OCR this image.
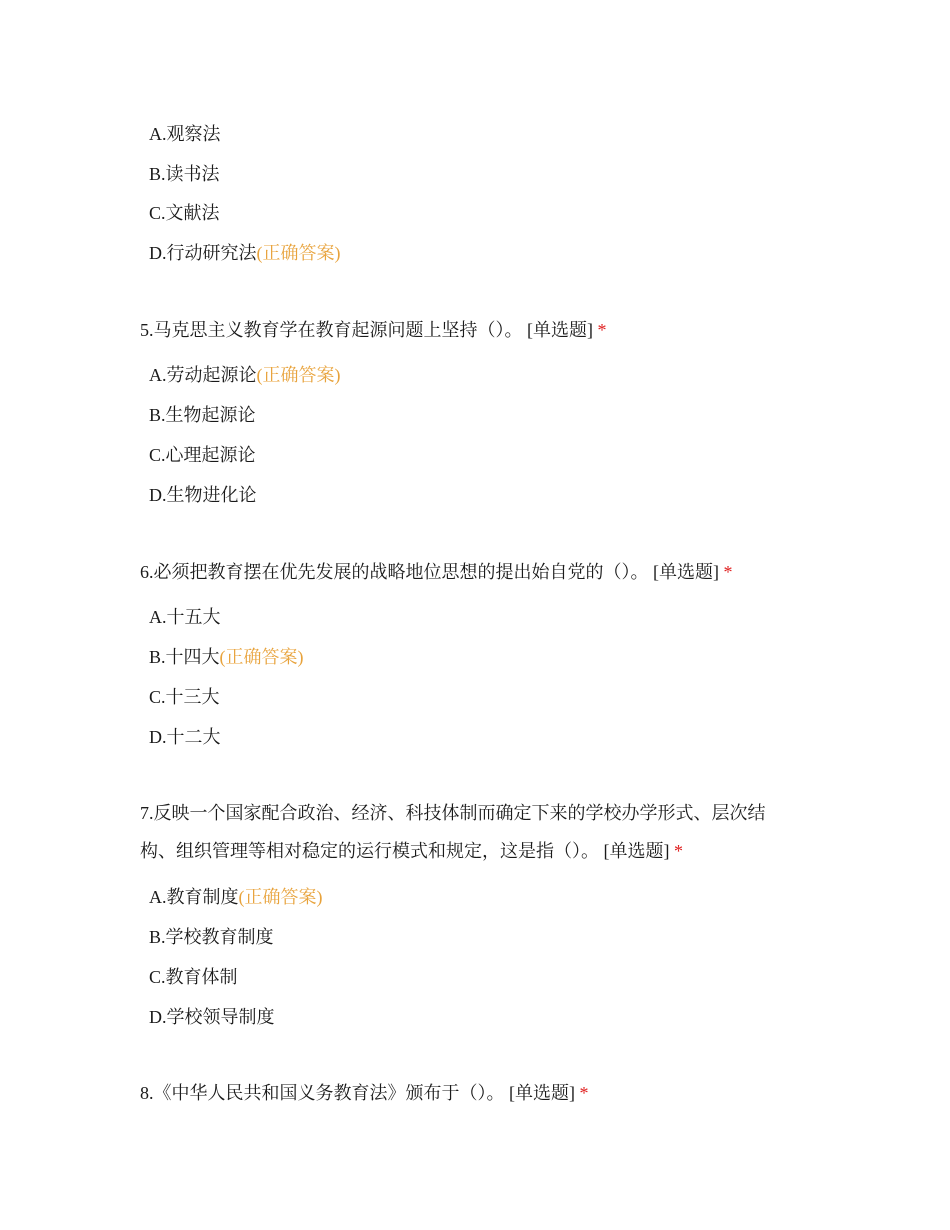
A.观察法
B.读书法
C.文献法
D.行动研究法(正确答案)
5.马克思主义教育学在教育起源问题上坚持（）。 [单选题] *
A.劳动起源论(正确答案)
B.生物起源论
C.心理起源论
D.生物进化论
6.必须把教育摆在优先发展的战略地位思想的提出始自党的（）。 [单选题] *
A.十五大
B.十四大(正确答案)
C.十三大
D.十二大
7.反映一个国家配合政治、经济、科技体制而确定下来的学校办学形式、层次结
构、组织管理等相对稳定的运行模式和规定，这是指（）。 [单选题] *
A.教育制度(正确答案)
B.学校教育制度
C.教育体制
D.学校领导制度
8.《中华人民共和国义务教育法》颁布于（）。 [单选题] *
